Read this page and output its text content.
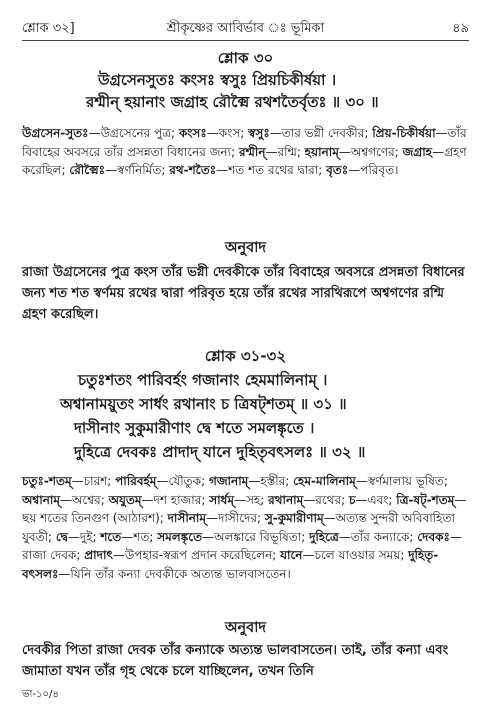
শ্লোক ৩২]	শ্রীকৃষ্ণের আবির্ভাব ঃ ভূমিকা	৪৯
শ্লোক ৩০
উগ্রসেনসুতঃ কংসঃ স্বসুঃ প্রিয়চিকীর্ষয়া ।
রশ্মীন্ হয়ানাং জগ্রাহ রৌক্মৈ রথশতৈর্বৃতঃ ॥ ৩০ ॥
উগ্রসেন-সুতঃ—উগ্রসেনের পুত্র; কংসঃ—কংস; স্বসুঃ—তার ভগ্নী দেবকীর; প্রিয়-চিকীর্ষয়া—তাঁর বিবাহের অবসরে তাঁর প্রসন্নতা বিধানের জন্য; রশ্মীন্—রশ্মি; হয়ানাম্—অশ্বগণের; জগ্রাহ—গ্রহণ করেছিল; রৌক্মৈঃ—স্বর্ণনির্মিত; রথ-শতৈঃ—শত শত রথের দ্বারা; বৃতঃ—পরিবৃত।
অনুবাদ
রাজা উগ্রসেনের পুত্র কংস তাঁর ভগ্নী দেবকীকে তাঁর বিবাহের অবসরে প্রসন্নতা বিধানের জন্য শত শত স্বর্ণময় রথের দ্বারা পরিবৃত হয়ে তাঁর রথের সারথিরূপে অশ্বগণের রশ্মি গ্রহণ করেছিল।
শ্লোক ৩১-৩২
চতুঃশতং পারিবর্হং গজানাং হেমমালিনাম্ ।
অশ্বানাময়ুতং সার্ধং রথানাং চ ত্রিষট্শতম্ ॥ ৩১ ॥
দাসীনাং সুকুমারীণাং দ্বে শতে সমলঙ্কৃতে ।
দুহিত্রে দেবকঃ প্রাদাদ্ যানে দুহিতৃবৎসলঃ ॥ ৩২ ॥
চতুঃ-শতম্—চারশ; পারিবর্হম্—যৌতুক; গজানাম্—হস্তীর; হেম-মালিনাম্—স্বর্ণমালায় ভূষিত; অশ্বানাম্—অশ্বের; অযুতম্—দশ হাজার; সার্ধম্—সহ; রথানাম্—রথের; চ—এবং; ত্রি-ষট্-শতম্—ছয় শতের তিনগুণ (আঠারশ); দাসীনাম্—দাসীদের; সু-কুমারীণাম্—অত্যন্ত সুন্দরী অবিবাহিতা যুবতী; দ্বে—দুই; শতে—শত; সমলঙ্কৃতে—অলঙ্কারে বিভূষিতা; দুহিত্রে—তাঁর কন্যাকে; দেবকঃ—রাজা দেবক; প্রাদাৎ—উপহার-স্বরূপ প্রদান করেছিলেন; যানে—চলে যাওয়ার সময়; দুহিতৃ-বৎসলঃ—যিনি তাঁর কন্যা দেবকীকে অত্যন্ত ভালবাসতেন।
অনুবাদ
দেবকীর পিতা রাজা দেবক তাঁর কন্যাকে অত্যন্ত ভালবাসতেন। তাই, তাঁর কন্যা এবং জামাতা যখন তাঁর গৃহ থেকে চলে যাচ্ছিলেন, তখন তিনি
ভা-১০/৪
